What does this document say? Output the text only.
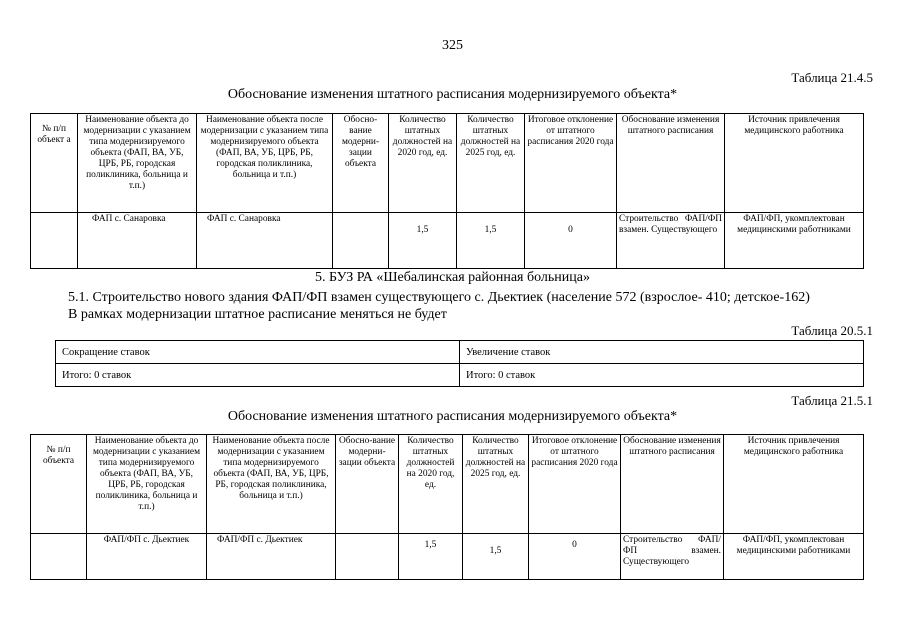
325
Таблица 21.4.5
Обоснование изменения штатного расписания модернизируемого объекта*
№ п/п объект а	Наименование объекта до модернизации с указанием типа модернизируемого объекта (ФАП, ВА, УБ, ЦРБ, РБ, городская поликлиника, больница и т.п.)	Наименование объекта после модернизации с указанием типа модернизируемого объекта (ФАП, ВА, УБ, ЦРБ, РБ, городская поликлиника, больница и т.п.)	Обосно-вание модерни-зации объекта	Количество штатных должностей на 2020 год, ед.	Количество штатных должностей на 2025 год, ед.	Итоговое отклонение от штатного расписания 2020 года	Обоснование изменения штатного расписания	Источник привлечения медицинского работника
	ФАП с. Санаровка	ФАП с. Санаровка		1,5	1,5	0	Строительство ФАП/ФП взамен. Существующего	ФАП/ФП, укомплектован медицинскими работниками
5. БУЗ РА «Шебалинская районная больница»
5.1. Строительство нового здания ФАП/ФП взамен существующего с. Дьектиек (население 572 (взрослое- 410; детское-162)
В рамках модернизации штатное расписание меняться не будет
Таблица 20.5.1
Сокращение ставок	Увеличение ставок
Итого: 0 ставок	Итого: 0 ставок
Таблица 21.5.1
Обоснование изменения штатного расписания модернизируемого объекта*
№ п/п объекта	Наименование объекта до модернизации с указанием типа модернизируемого объекта (ФАП, ВА, УБ, ЦРБ, РБ, городская поликлиника, больница и т.п.)	Наименование объекта после модернизации с указанием типа модернизируемого объекта (ФАП, ВА, УБ, ЦРБ, РБ, городская поликлиника, больница и т.п.)	Обосно-вание модерни-зации объекта	Количество штатных должностей на 2020 год, ед.	Количество штатных должностей на 2025 год, ед.	Итоговое отклонение от штатного расписания 2020 года	Обоснование изменения штатного расписания	Источник привлечения медицинского работника
	ФАП/ФП с. Дьектиек	ФАП/ФП с. Дьектиек		1,5	1,5	0	Строительство ФАП/ФП взамен. Существующего	ФАП/ФП, укомплектован медицинскими работниками
